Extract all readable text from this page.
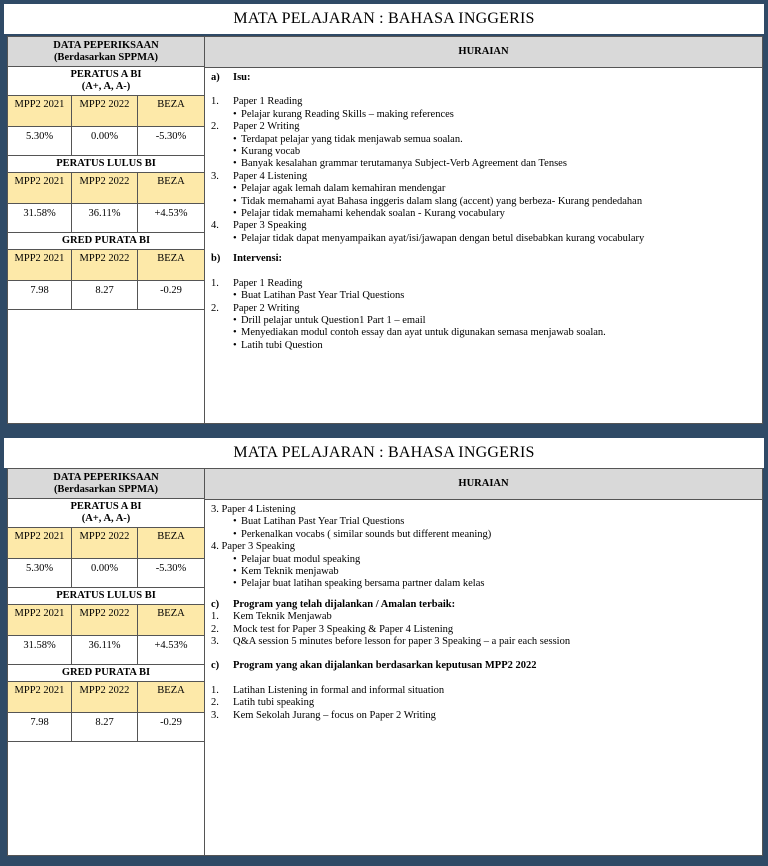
MATA PELAJARAN : BAHASA INGGERIS
DATA PEPERIKSAAN
(Berdasarkan SPPMA)
PERATUS A BI
(A+, A, A-)
MPP2 2021	MPP2 2022	BEZA
5.30%	0.00%	-5.30%
PERATUS LULUS BI
MPP2 2021	MPP2 2022	BEZA
31.58%	36.11%	+4.53%
GRED PURATA BI
MPP2 2021	MPP2 2022	BEZA
7.98	8.27	-0.29
HURAIAN
a)	Isu:
1.	Paper 1 Reading
• Pelajar kurang Reading Skills – making references
2.	Paper 2 Writing
• Terdapat pelajar yang tidak menjawab semua soalan.
• Kurang vocab
• Banyak kesalahan grammar terutamanya Subject-Verb Agreement dan Tenses
3.	Paper 4 Listening
• Pelajar agak lemah dalam kemahiran mendengar
• Tidak memahami ayat Bahasa inggeris dalam slang (accent) yang berbeza- Kurang pendedahan
• Pelajar tidak memahami kehendak soalan - Kurang vocabulary
4.	Paper 3 Speaking
• Pelajar tidak dapat menyampaikan ayat/isi/jawapan dengan betul disebabkan kurang vocabulary
b)	Intervensi:
1.	Paper 1 Reading
• Buat Latihan Past Year Trial Questions
2.	Paper 2 Writing
• Drill pelajar untuk Question1 Part 1 – email
• Menyediakan modul contoh essay dan ayat untuk digunakan semasa menjawab soalan.
• Latih tubi Question
MATA PELAJARAN : BAHASA INGGERIS
DATA PEPERIKSAAN
(Berdasarkan SPPMA)
PERATUS A BI
(A+, A, A-)
MPP2 2021	MPP2 2022	BEZA
5.30%	0.00%	-5.30%
PERATUS LULUS BI
MPP2 2021	MPP2 2022	BEZA
31.58%	36.11%	+4.53%
GRED PURATA BI
MPP2 2021	MPP2 2022	BEZA
7.98	8.27	-0.29
HURAIAN
3. Paper 4 Listening
• Buat Latihan Past Year Trial Questions
• Perkenalkan vocabs ( similar sounds but different meaning)
4. Paper 3 Speaking
• Pelajar buat modul speaking
• Kem Teknik menjawab
• Pelajar buat latihan speaking bersama partner dalam kelas
c)	Program yang telah dijalankan / Amalan terbaik:
1.	Kem Teknik Menjawab
2.	Mock test for Paper 3 Speaking & Paper 4 Listening
3.	Q&A session 5 minutes before lesson for paper 3 Speaking – a pair each session
c)	Program yang akan dijalankan berdasarkan keputusan MPP2 2022
1.	Latihan Listening in formal and informal situation
2.	Latih tubi speaking
3.	Kem Sekolah Jurang – focus on Paper 2 Writing
